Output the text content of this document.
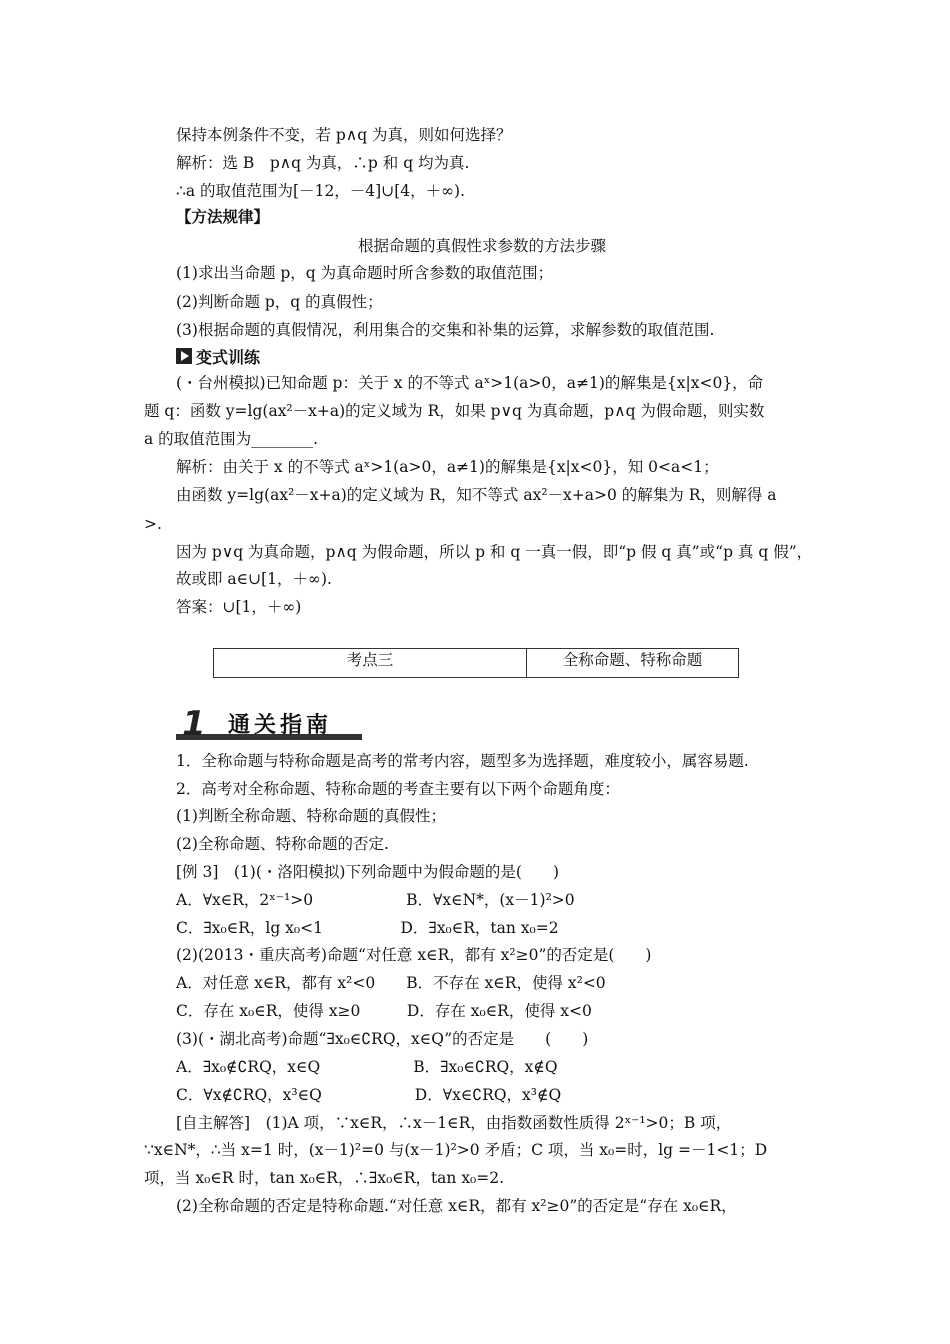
保持本例条件不变，若 p∧q 为真，则如何选择？
解析：选 B　p∧q 为真，∴p 和 q 均为真.
∴a 的取值范围为[－12，－4]∪[4，＋∞).
【方法规律】
根据命题的真假性求参数的方法步骤
(1)求出当命题 p，q 为真命题时所含参数的取值范围；
(2)判断命题 p，q 的真假性；
(3)根据命题的真假情况，利用集合的交集和补集的运算，求解参数的取值范围.
变式训练
(・台州模拟)已知命题 p：关于 x 的不等式 aˣ>1(a>0，a≠1)的解集是{x|x<0}，命
题 q：函数 y=lg(ax²－x+a)的定义域为 R，如果 p∨q 为真命题，p∧q 为假命题，则实数
a 的取值范围为________.
解析：由关于 x 的不等式 aˣ>1(a>0，a≠1)的解集是{x|x<0}，知 0<a<1；
由函数 y=lg(ax²－x+a)的定义域为 R，知不等式 ax²－x+a>0 的解集为 R，则解得 a
>.
因为 p∨q 为真命题，p∧q 为假命题，所以 p 和 q 一真一假，即“p 假 q 真”或“p 真 q 假”，
故或即 a∈∪[1，＋∞).
答案：∪[1，＋∞)
考点三	全称命题、特称命题
1 通关指南
1．全称命题与特称命题是高考的常考内容，题型多为选择题，难度较小，属容易题.
2．高考对全称命题、特称命题的考查主要有以下两个命题角度：
(1)判断全称命题、特称命题的真假性；
(2)全称命题、特称命题的否定.
[例 3]　(1)(・洛阳模拟)下列命题中为假命题的是(　　)
A．∀x∈R，2ˣ⁻¹>0　　　　　　B．∀x∈N*，(x－1)²>0
C．∃x₀∈R，lg x₀<1　　　　　D．∃x₀∈R，tan x₀=2
(2)(2013・重庆高考)命题“对任意 x∈R，都有 x²≥0”的否定是(　　)
A．对任意 x∈R，都有 x²<0　　B．不存在 x∈R，使得 x²<0
C．存在 x₀∈R，使得 x≥0　　　D．存在 x₀∈R，使得 x<0
(3)(・湖北高考)命题“∃x₀∈∁RQ，x∈Q”的否定是　　(　　)
A．∃x₀∉∁RQ，x∈Q　　　　　　B．∃x₀∈∁RQ，x∉Q
C．∀x∉∁RQ，x³∈Q　　　　　　D．∀x∈∁RQ，x³∉Q
[自主解答]　(1)A 项，∵x∈R，∴x－1∈R，由指数函数性质得 2ˣ⁻¹>0；B 项，
∵x∈N*，∴当 x=1 时，(x－1)²=0 与(x－1)²>0 矛盾；C 项，当 x₀=时，lg =－1<1；D
项，当 x₀∈R 时，tan x₀∈R，∴∃x₀∈R，tan x₀=2.
(2)全称命题的否定是特称命题.“对任意 x∈R，都有 x²≥0”的否定是“存在 x₀∈R，
